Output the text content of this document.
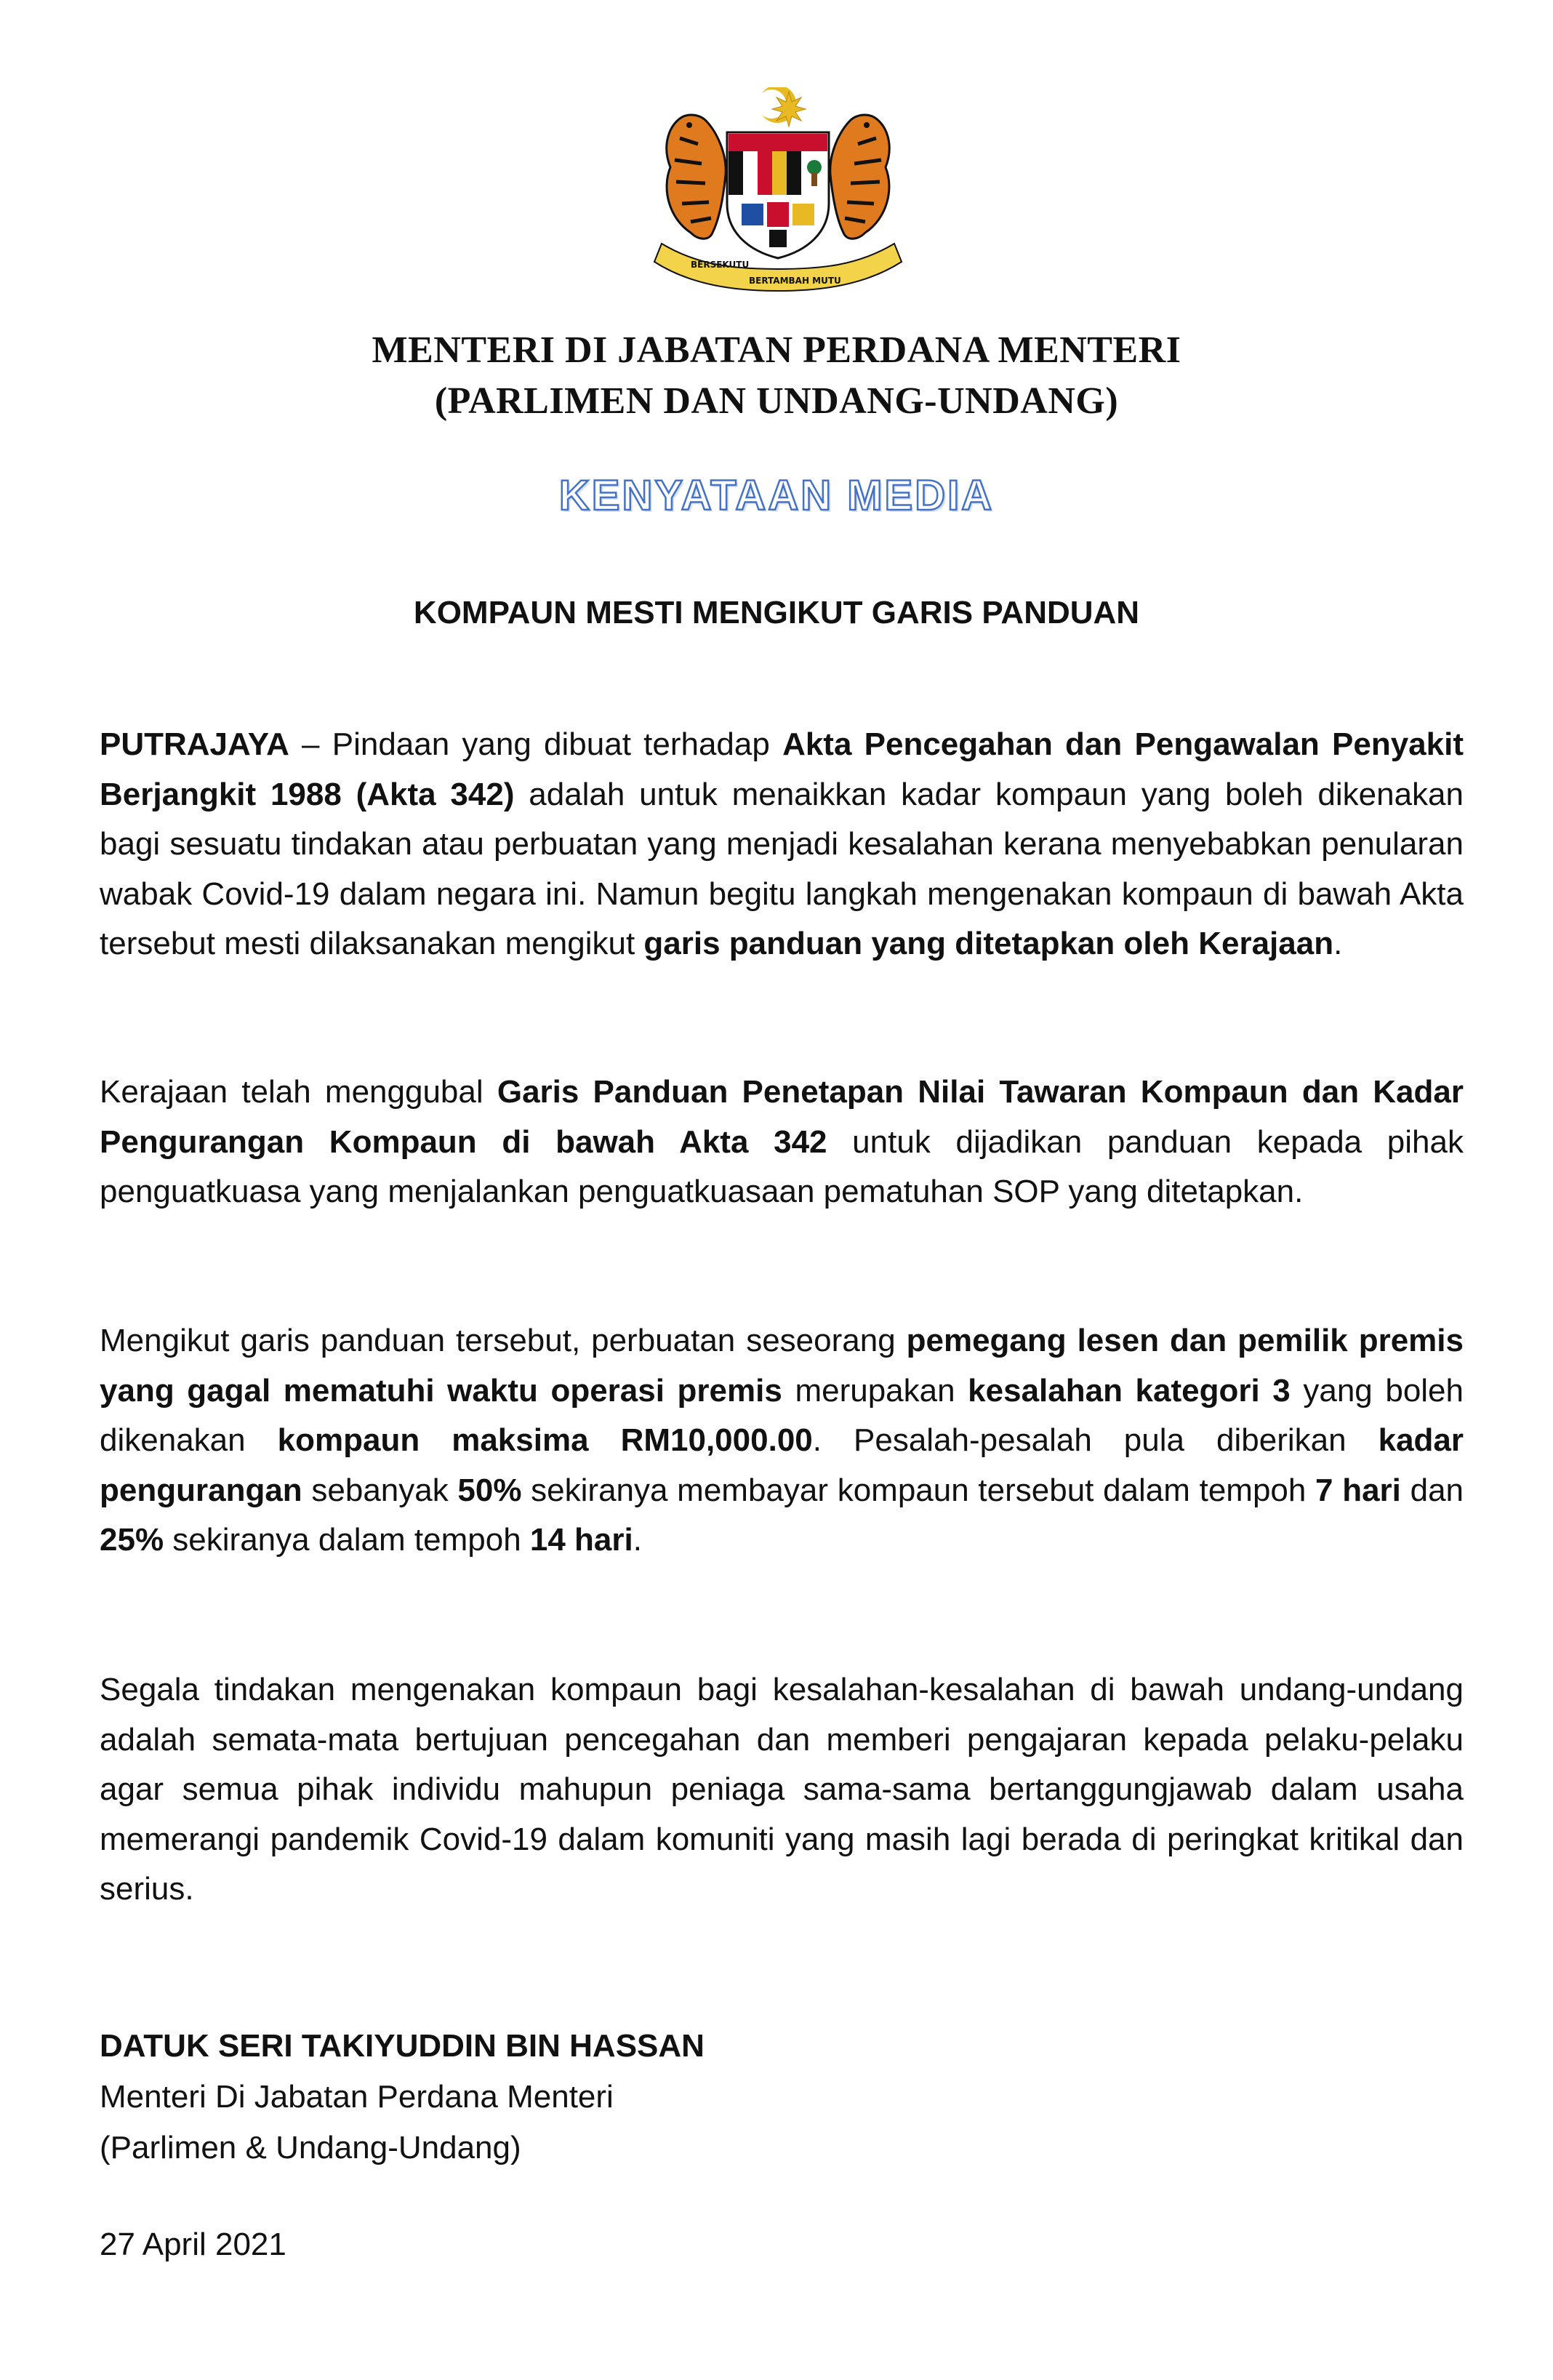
BERSEKUTU
BERTAMBAH MUTU
MENTERI DI JABATAN PERDANA MENTERI
(PARLIMEN DAN UNDANG-UNDANG)
KENYATAAN MEDIA
KOMPAUN MESTI MENGIKUT GARIS PANDUAN
PUTRAJAYA – Pindaan yang dibuat terhadap Akta Pencegahan dan Pengawalan Penyakit Berjangkit 1988 (Akta 342) adalah untuk menaikkan kadar kompaun yang boleh dikenakan bagi sesuatu tindakan atau perbuatan yang menjadi kesalahan kerana menyebabkan penularan wabak Covid-19 dalam negara ini. Namun begitu langkah mengenakan kompaun di bawah Akta tersebut mesti dilaksanakan mengikut garis panduan yang ditetapkan oleh Kerajaan.
Kerajaan telah menggubal Garis Panduan Penetapan Nilai Tawaran Kompaun dan Kadar Pengurangan Kompaun di bawah Akta 342 untuk dijadikan panduan kepada pihak penguatkuasa yang menjalankan penguatkuasaan pematuhan SOP yang ditetapkan.
Mengikut garis panduan tersebut, perbuatan seseorang pemegang lesen dan pemilik premis yang gagal mematuhi waktu operasi premis merupakan kesalahan kategori 3 yang boleh dikenakan kompaun maksima RM10,000.00. Pesalah-pesalah pula diberikan kadar pengurangan sebanyak 50% sekiranya membayar kompaun tersebut dalam tempoh 7 hari dan 25% sekiranya dalam tempoh 14 hari.
Segala tindakan mengenakan kompaun bagi kesalahan-kesalahan di bawah undang-undang adalah semata-mata bertujuan pencegahan dan memberi pengajaran kepada pelaku-pelaku agar semua pihak individu mahupun peniaga sama-sama bertanggungjawab dalam usaha memerangi pandemik Covid-19 dalam komuniti yang masih lagi berada di peringkat kritikal dan serius.
DATUK SERI TAKIYUDDIN BIN HASSAN
Menteri Di Jabatan Perdana Menteri
(Parlimen & Undang-Undang)
27 April 2021
